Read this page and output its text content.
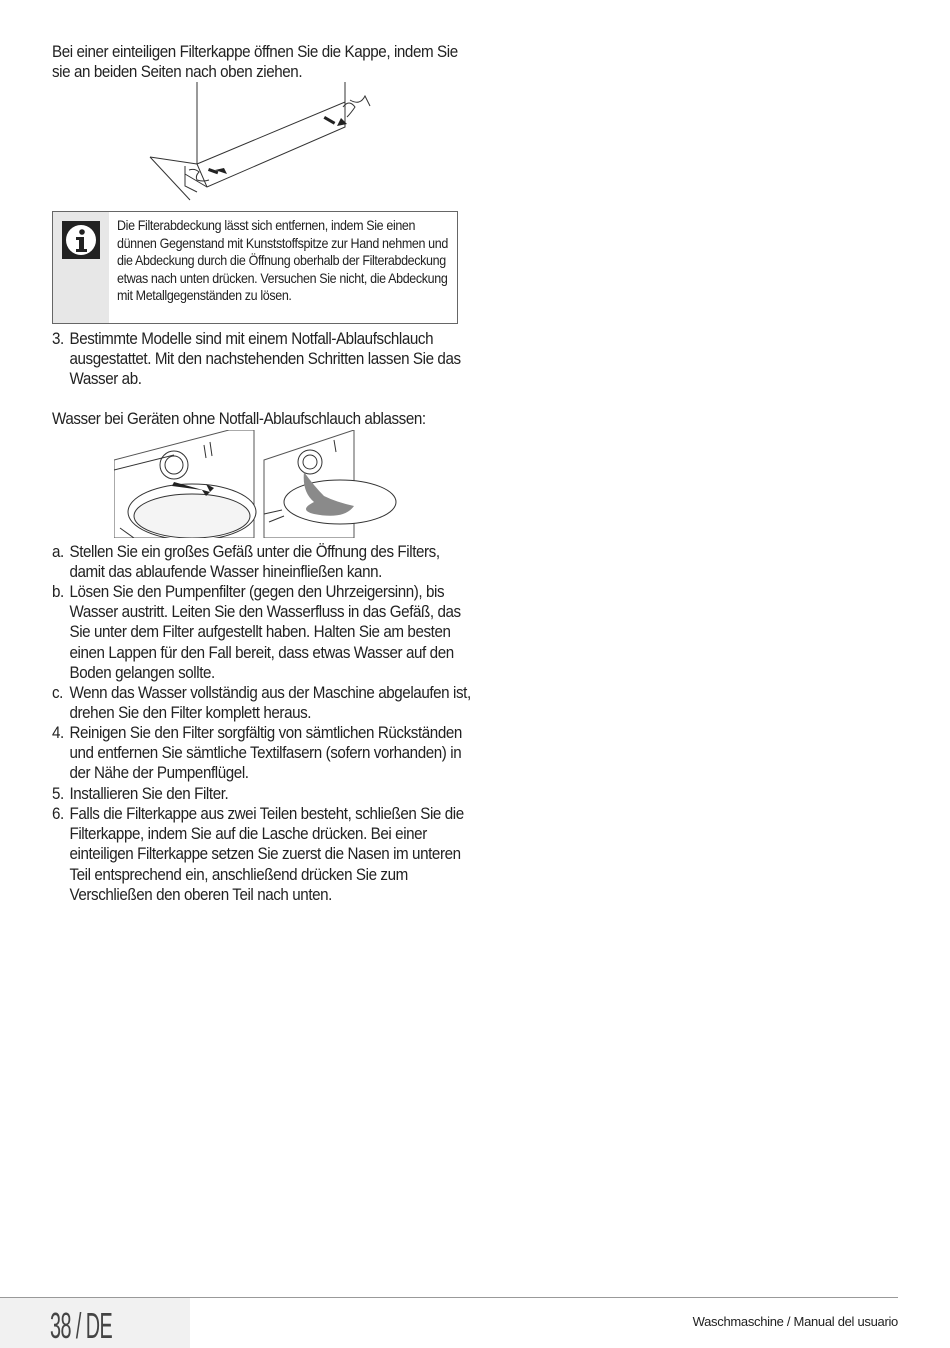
Bei einer einteiligen Filterkappe öffnen Sie die Kappe, indem Sie sie an beiden Seiten nach oben ziehen.
Die Filterabdeckung lässt sich entfernen, indem Sie einen dünnen Gegenstand mit Kunststoffspitze zur Hand nehmen und die Abdeckung durch die Öffnung oberhalb der Filterabdeckung etwas nach unten drücken. Versuchen Sie nicht, die Abdeckung mit Metallgegenständen zu lösen.
3. Bestimmte Modelle sind mit einem Notfall-Ablaufschlauch ausgestattet. Mit den nachstehenden Schritten lassen Sie das Wasser ab.
Wasser bei Geräten ohne Notfall-Ablaufschlauch ablassen:
a. Stellen Sie ein großes Gefäß unter die Öffnung des Filters, damit das ablaufende Wasser hineinfließen kann.
b. Lösen Sie den Pumpenfilter (gegen den Uhrzeigersinn), bis Wasser austritt. Leiten Sie den Wasserfluss in das Gefäß, das Sie unter dem Filter aufgestellt haben. Halten Sie am besten einen Lappen für den Fall bereit, dass etwas Wasser auf den Boden gelangen sollte.
c. Wenn das Wasser vollständig aus der Maschine abgelaufen ist, drehen Sie den Filter komplett heraus.
4. Reinigen Sie den Filter sorgfältig von sämtlichen Rückständen und entfernen Sie sämtliche Textilfasern (sofern vorhanden) in der Nähe der Pumpenflügel.
5. Installieren Sie den Filter.
6. Falls die Filterkappe aus zwei Teilen besteht, schließen Sie die Filterkappe, indem Sie auf die Lasche drücken. Bei einer einteiligen Filterkappe setzen Sie zuerst die Nasen im unteren Teil entsprechend ein, anschließend drücken Sie zum Verschließen den oberen Teil nach unten.
38 / DE	Waschmaschine / Manual del usuario
